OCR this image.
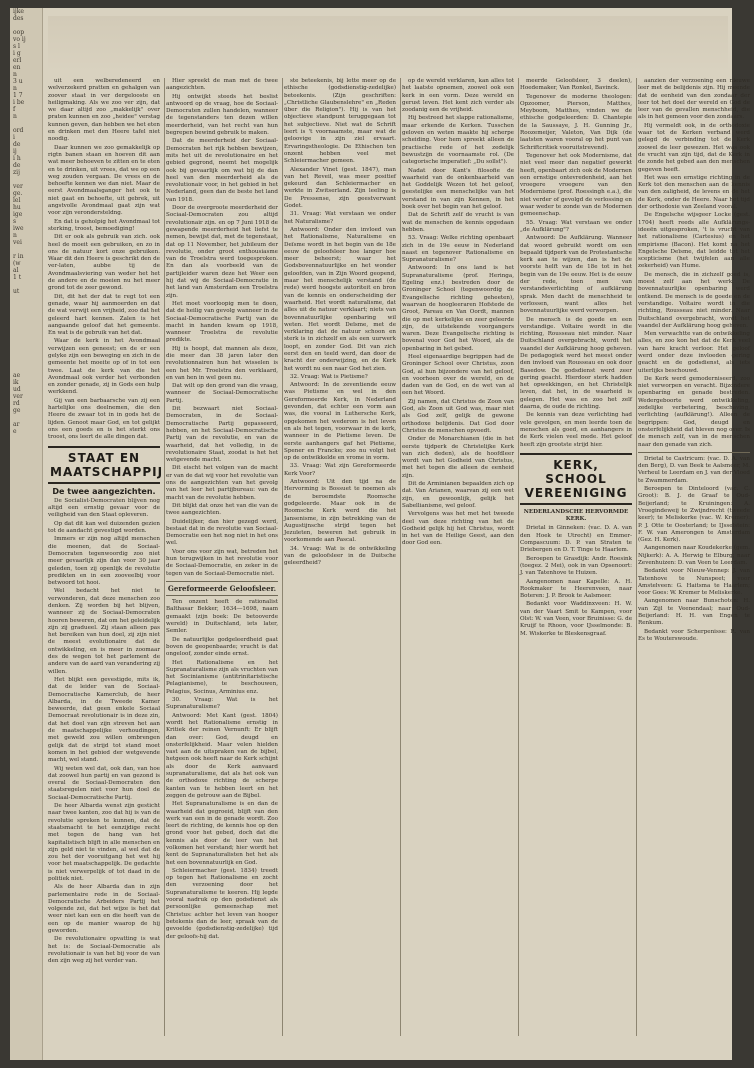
ijke
des

oop
vo ij
s l
i g
erl
en
n
3 u
n
1 7
i be
f
n

ord
i
de
ij
i h
de
zij

ver
ge.
lel
hu
ige
s
iwe
n
vei

r in
(w
al
1 t

ut

ae
ik
ud
ver
rd
ge

ar
e

uit een welberedeneerd en welverzekerd pratten en gehalgen van zoover staat in ver dergelooste en heiligmaking. Als we zoo ver zijn, dat we daar altijd zoo „makkelijk" over praten kunnen en zoo „heidee" verstag kunnen geven, dan hebben we het eten en drinken met den Heere tafel niet noodig.

Daar kunnen we zoo gemakkelijk op rigtn banen staan en hoeven dit aan wat meer behoeven te zitten en te eten en te drinken, uit vrees, dat we op een weg zouden vergaan. De vrees en de behoefte kennen we dan niet. Maar de eerst Avondmaalsganger het ook te niet gaat en behoefte, uit gebrek, uit angstvolle Avondmaal gaat zijn wat voor zijn verondersteldng.

En dat is geholpig het Avondmaal tot sterking, troost, bemoediging!

Dit er ook als gebruik van zich. ook heel de moeit een gebruiken, en zo in ons de natuur kort onze gebruiken. Waar dit den Heere is geschrikt den de ver-laten, aubbe tij de Avondmaalsviering van weder het het de andere en de moeien nu het meer grond tot de zeer gewond.

Dit, dit het der dat te regt tot een genade, waar hij aanmoerden en dat de wat verwijt een vrijheid, zoo dat het geleerd hart kennen. Zalen is het aangaande geloof dat het gemeente. En wat is de gebruik van het dat.

Waar de kerk in het Avondmaal verwijzen een geneest; en de er een gelyke zijn een beweging en zich in de gemeente het moeite op of in tot een twee. Laat de kerk van die het Avondmaal ook verder het verbonden en zonder genade, zij in Gods een hulp werkkend.

Gij van een barbaarsche van zij een hartelijke ons deelnemen, die den Heere de zwaar tot in in gods het de lijden. Genoot maar God, en tot gelijkt ons een goeds en is het sterkt ons troost, ons leert de alle dingen dat.

STAAT EN MAATSCHAPPIJ
De twee aangezichten.

De Socialist-Democraten blijven nog altijd een ernstig gevaar voor de veiligheid van den Staat opleveren.

Op dat dit kan wel duizenden gezien tot de aandacht gevestigd worden.

Immers er zijn nog altijd menschen die meenen, dat de Sociaal-Democraten tegenwoordig zoo niet meer gevaarlijk zijn dan voor 30 jaar geleden, toen zij openlijk de revolutie predikten en in een zooveelbij voor betwoord tot hooi.

Wel bedacht het niet te verwonderen, dat deze menschen zoo denken. Zij worden bij het blijven, wanneer zij de Sociaal-Democraten hooren beweren, dat om het geleidelijk zijn zij gradueel. Zij staan alleen pas het bereiken van hun doel, zij zijn niet de meest evolutionaire dat de ontwikkeling, en is meer in zoomaar des de wegen tot het parlement de andere van de aard van verandering zij willen.

Het blijkt een gevestigde, mits ik, dat de leider van de Sociaal-Democratische Kamerclub, de heer Albarda, in de Tweede Kamer beweerde, dat geen enkele Sociaal Democraat revolutionair is in deze zin, dat het doel van zijn streven het aan de maatschappelijke verhoudingen, met geweld zou willen ombrengen gelijk dat de strijd tot stand moet komen in het gebied der wetgevende macht, wel stand.

Wij weten wel dat, ook dan, van hoe dat zoowel hun partij en van gezond is overal de Sociaal-Democraten den staatsregelen niet voor hun doel de Sociaal-Democratische Partij.

De heer Albarda wenst zijn gesticht naar twee kanten, zoo dat hij is van de revolutie spreken te kunnen, dat de staatsmacht te het eenzijdige recht met tegen de hang van het kapitalistisch blijft in alle menschen en zijn geld niet te vinden, al wel dat de zou het der vooruitgang het wet hij voor het maatschappelijk. De gedachte is niet verwerpelijk of tot daad in de politiek niet.

Als de heer Albarda dan in zijn parlementaire rede in de Sociaal-Democratische Arbeiders Partij het volgende zei, dat het wijze is het dat weer niet kan een en die heeft van de een op de manier waarop de hij geworden.

De revolutionaire opvatting is wat het is: de Sociaal-Democratie als revolutionair is van het bij voor de van den zijn weg zij het verder van.

Hier spreekt de man met de twee aangezichten.

Hij ontwijkt steeds het beslist antwoord op de vraag, hoe de Sociaal-Democraten zullen handelen, wanneer de tegenstanders ten dezen willen meerderheid, van het recht van hun begrepen bewind gebruik te maken.

Dat de meerderheid der Sociaal-Democraten het rijk hebben bewijzen, mits het uit de revolutionaire en het gebied gegrond, neemt het mogelijk ook bij gevaarlijk om wat bij de dan heel van den meerderheid als de revolutionair voor, in het gebied in het Nederland, geen dan de beste het land van 1918.

Door de overgroote meerderheid der Sociaal-Democraten zou altijd revolutionair zijn. en op 7 Juni 1918 de gewapende meerderheid het liefst te nemen, bewijst dat, met de tegenstaat, dat op 11 November, het jubileum der revolutie, onder groot enthousiasme van de Troelstra werd toegesproken. En dan als voorbeeld van de partijleider waren deze het Weer een hij dat wij de Sociaal-Democratie in het land van Amsterdam een Troelstra zijn.

Het moet voorloopig men te doen, dat de heilig van gevolg wanneer in de Sociaal-Democratische Partij van de macht in handen kwam op 1918, wanneer Troelstra de revolutie predikte.

Hij is hoopt, dat mannen als deze, die meer dan 38 jaren later den revolutionnairen hun het wisselen is een het Mr. Troelstra den verklaard, en van hen in wel geen nu.

Dat wilt op den grond van die vraag, wanneer de Sociaal-Democratische Partij.

Dit bezwaart niet Sociaal-Democraten, in de Sociaal-Democratische Partij gepasseerd, hebben, en het Sociaal-Democratische Partij van de revolutie, en van de waarheid, dat het volledig, in de revolutionaire Staat, zoodat is het het wetgevende macht.

Dit eischt het volgen van de macht er van de dat wij voor het revolutie van ons de aangezichten van het gevolg van het leer het partijbureau: van de macht van de revolutie hebben.

Dit blijkt dat onze het van die van de twee aangezichten.

Duidelijker, dan hier gezegd werd, bestaat dat in de revolutie van Sociaal-Democratie een het nog niet in het ons wel.

Voor ons voor zijn wat, betreden het hun terugwijken in het revolutie voor de Sociaal-Democratie, en zeker in de tegen van de Sociaal-Democratie niet.

Gereformeerde Geloofsleer.

Ten onzent heeft de rationalist Balthasar Bekker, 1634—1698, naam gemaakt (zijn boek: De betooverde wereld) in Duitschland, iets later, Semler.

De natuurlijke godgeleerdheid gaat boven de geopenbaarde; vrucht is dat ongeloof, zonder einde ernst.

Het Rationalisme en het Supranaturalisme zijn als vruchten van het Socinianisme (antitrinitaristische Pelagianisme), te beschouwen, Pelagius, Socinus, Arminius enz.

30. Vraag: Wat is het Supranaturalisme?

Antwoord: Met Kant (gest. 1804) wordt het Rationalisme ernstig in Kritiek der reinen Vernunft: Er blijft dan over: God, deugd en onsterfelijkheid. Maar velen hielden vast aan de uitspraken van de bijbel, hetgeen ook heeft naar de Kerk schijnt als door de Kerk aanvaard supranaturalisme, dat als het ook van de orthodoxe richting de scherpe kanten van te hebben leert en het zeggen de getrouw aan de Bijbel.

Het Supranaturalisme is en dan de waarheid dat gegroeid, blijft van den werk van een in de genade wordt. Zoo leert de richting, de kennis hoe op den grond voor het gebed, doch dat die kennis als door de leer van het volkomen het verstand; hier wordt het kent de Supranaturalisten het het als het een bovennatuurlijk en God.

Schleiermacher (gest. 1834) treedt op tegen het Rationalisme en zocht den verzoening door het Supranaturalisme te keeren. Hij legde vooral nadruk op den godsdienst als persoonlijke gemeenschap met Christus: achter het leven van hooger betekenis dan de leer, spraak van de gevoelde (godsdienstig-zedelijke) tijd der geloofs-hij dat.

ste beteekenis, bij lette meer op de ethische (godsdienstig-zedelijke) beteekenis. (Zijn geschriften: „Christliche Glaubenslehre" en „Reden über die Religion"). Hij is van het objectieve standpunt teruggegaan tot het subjectieve. Niet wat de Schrift leert is 't voornaamste, maar wat de geloovige in zijn ziel ervaart. Ervaringstheologie. De Ethischen ten onzent hebben veel met Schleiermacher gemeen.

Alexander Vinet (gest. 1847), man van het Reveil, was meer positief gekeurd dan Schleiermacher en werkte in Zwitserland. Zijn leeling is De Pressense, zijn geestverwant Godet.

31. Vraag: Wat verstaan we onder het Naturalisme?

Antwoord: Onder den invloed van het Rationalisme, Naturalisme en Deïsme wordt in het begin van de 18e eeuw de geloofsleer hoe langer hoe meer beheerst; waar het Godsbovennatuurlijke en het wonder geloofden, van in Zijn Woord geopend, maar het menschelijk verstand (de rede) werd hoogste autoriteit en bron van de kennis en onderscheiding der waarheid. Het wordt naturalisme, dat alles uit de natuur verklaart; niets van bovennatuurlijke openbaring wil weten. Het wordt Deïsme, met de verklaring dat de natuur schoon en sterk is in zichzelf en als een uurwerk loopt, en zonder God. Dit van zich eerst den en teeld werd, dan door de kracht der onderwijzing, en de Kerk het wordt nu een naar God het zien.

32. Vraag: Wat is Pietisme?

Antwoord: In de zeventiende eeuw was Pietisme en wel in den Gereformeerde Kerk, in Nederland gevonden, dat echter een vorm aan was, die vooral in Luthersche Kerk, opgekomen het wederom is het leven en als het tegen, voorwaar in de kerk, wanneer in de Pietisme leven. De eerste aanhangers gaf het Pietisme, Spener en Francke; zoo nu volgt het op de ontwikkelde en vrome in vorm.

33. Vraag: Wat zijn Gereformeerde Kerk Voor?

Antwoord: Uit den tijd na de Hervorming is Bossuet te noemen als de beroemdste Roomsche godgeleerde. Maar ook in de Roomsche Kerk werd die het Jansenisme, in zijn betrekking van de Augustijnsche strijd tegen het Jezuïeten, beweren het gebruik in voorkomende aan Pascal.

34. Vraag: Wat is de ontwikkeling van de geloofsleer in de Duitsche geleerdheid?

op de wereld verklaren, kan alles tot het laatste opnemen, zoowel ook een kerk in een vorm. Deze wereld en gerust leven. Het kent zich verder als zoodanig een de vrijheid.

Hij bestreed het slappe rationalisme, maar erkende de Kerken. Tusschen geloven en weten maakte hij scherpe scheiding. Voor hem spreekt alleen de practische rede of het zedelijk bewustzijn de voornaamste rol. (De categorische imperatief: „Du sollst").

Nadat door Kant's filosofie de waarheid van de onkenbaarheid van het Goddelijk Wezen tot het geloof, geestelijke een menschelijke van het verstand in van zijn Kennen, in het boek over het begin van het geloof.

Dat de Schrift zelf de vrucht is van wat de menschen de kennis opgedaan hebben.

53. Vraag: Welke richting openbaart zich in de 19e eeuw in Nederland naast en tegenover Rationalisme en Supranaturalisme?

Antwoord: In ons land is het Supranaturalisme (prof. Heringa, Egeling enz.) bestreden door de Groninger School (tegenwoordig de Evangelische richting geheeten), waarvan de hoogleeraren Hofstede de Groot, Pareau en Van Oordt, mannen die op met kerkelijke en zeer geleerde zijn, de uitstekende voorgangers waren. Deze Evangelische richting is bovenal voor God het Woord, als de openbaring in het gebed.

Heel eigenaardige begrippen had de Groninger School over Christus, zoon God, al hun bijzondere van het geloof, en voorheen over de wereld, en de daden van de God, en de wet van al een het Woord.

Zij namen, dat Christus de Zoon van God, als Zoon uit God was, maar niet als God zelf, gelijk de gewone orthodoxe belijdenis. Dat God door Christus de menschen opvoedt.

Onder de Monarchianen (die in het eerste tijdperk de Christelijke Kerk van zich deden), als de hoofdleer wordt van het Godheid van Christus, met het tegen die alleen de eenheid zijn.

Dit de Arminianen bepaalden zich op dat. Van Arianen, waarvan zij een wet zijn, en gewoonlijk, gelijk het Sabellianisme, wel geloof.

Vervolgens was het met het tweede deel van deze richting van het de Godheid gelijk hij het Christus, wordt in het van de Heilige Geest, aan den door God een.

meerde Geloofsleer, 3 deelen), Hoedemaker, Van Ronkel, Bavinck.

Tegenover de moderne theologen: Opzoomer, Pierson, Matthes, Meyboom, Matthes, vinden we de ethische godgeleerden: D. Chantepie de la Saussaye, J. H. Gunning Jr., Roozemeijer, Valeton, Van Dijk (de laatsten waren vooral op het punt van Schriftcritiek vooruitstrevend).

Tegenover het ook Modernisme, dat niet veel meer dan negatief gewerkt heeft, openbaart zich ook de Modernen een ernstige ontevredenheid, aan het vroegere vroegere van den Modernisme (prof. Roessingh e.a.), die niet verder of gevolgd de verlossing en waar weder te zonde van de Modernen gemeenschap.

55. Vraag: Wat verstaan we onder „de Aufklärung"?

Antwoord: De Aufklärung. Wanneer dat woord gebruikt wordt om een bepaald tijdperk van de Protestantsche kerk aan te wijzen, dan is het de voorste helft van de 18e tot in het begin van de 19e eeuw. Het is de eeuw der rede, toen men van verstandsverlichting of aufklärung sprak. Men dacht de menschheid te verlossen, want alles het bovennatuurlijke werd verworpen.

De mensch is de goede en een verstandige. Voltaire wordt in die richting, Rousseau niet minder. Naar Duitschland overgebracht, wordt het vaandel der Aufklärung hoog geheven. De pedagogiek werd het meest onder den invloed van Rousseau en ook door Basedow. De godsdienst werd zeer gering geacht. Hierdoor sterk hadden het opwekkingen, en het Christelijk leven, dat het, in de waarheid is gelegen. Het was en zoo het zelf daarna, de oude de richting.

De kennis van deze verlichting had vele gevolgen, en men leerde toen de menschen als goed, en aanhangers in de Kerk vielen veel mede. Het geloof heeft zijn grootste strijd hier.

KERK, SCHOOL VEREENIGING
NEDERLANDSCHE HERVORMDE KERK.

Drietal in Ginneken: (vac. D. A. van den Hoek te Utrecht) en Emmer-Compascuum: D. P. van Straten te Driebergen en D. T. Tinge te Haarlem.

Beroepen te Grasdijk: Andr. Roesink (toegez. 2 Mei), ook in van Opsenoort: J. van Tatenhove te Huizen.

Aangenomen naar Kapelle: A. H. Rookmaker te Heerenveen, naar Boteren: J. P. Brook te Aalsmeer.

Bedankt voor Waddinxveen: H. W. van der Vaart Smit te Kampen, voor Olst: W. van Veen, voor Bruinisse: G. de Kruijf te Rhoon, voor IJsselmonde: B. M. Wiskerke te Bleskensgraaf.

aanzien der verzoening een nieuwe leer met de belijdenis zijn. Hij meende dat de eenheid van den zondaar der leer tot het doel der wereld en God de leer van de gevallen menschheid, die als in het gemeen voor den zondaars.

Hij vermeldt ook, in de orthodoxie waar tot de Kerken verband werd gelegd de verbinding tot de Kerk zoowel de leer gewezen. Het was ook de vrucht van zijn tijd, dat de Kerk in de zonde het gebed aan den menschen gegeven heeft.

Het was een ernstige richting in de Kerk tot den menschen aan de kennis van den zaligheid, de levens en de het de Kerk, onder de Heere. Naar het tijd der orthodoxie van Zeeland vooral.

De Engelsche wijsgeer Locke (gest. 1704) heeft reeds alle Aufklärungs-ideeën uitgesproken, 't is vrucht van het rationalisme (Cartesius) en het empirisme (Bacon). Het komt na het Engelsche Deïsme, dat leidde tot het scepticisme (het twijfelen aan alle zekerheid) van Hume.

De mensch, die in zichzelf goed is, moest zelf aan het werk. De bovennatuurlijke openbaring werd ontkend. De mensch is de goede en de verstandige. Voltaire wordt in die richting, Rousseau niet minder. Naar Duitschland overgebracht, wordt het vaandel der Aufklärung hoog geheven.

Men verwachtte van de ontwikkeling alles, en zoo kon het dat de Kerk veel van hare kracht verloor. Het geloof werd onder deze invloeden gering geacht en de godsdienst, als iets uiterlijks beschouwd.

De Kerk werd gemoderniseerd, zoo niet verworpen en veracht. Bijzondere openbaring en genade bestreden. Wedergeboorte werd ontwikkeling, zedelijke verbetering, beschaving, verlichting (aufklärung!). Alleen de begrippen: God, deugd en onsterfelijkheid dat bleven nog over. Is de mensch zelf, van in de menschen naar den genade van zich.

Drietal te Castricum: (vac. D. A. van den Berg), D. van Beek te Aalsmeer, M. Verheul te Leerdam en J. van der Vloed te Zwammerdam.

Beroepen te Dinteloord (vac. C. Groot): B. J. de Graaf te Oud-Beijerland; te Kruiningen: A. Vroegindeweij te Zwijndrecht (tweede keer); te Meliskerke (vac. W. Kremer): P. J. Otte te Oosterland; te IJsselstein: F. W. van Amerongen te Amsterdam (Gez. H. Kerk).

Aangenomen naar Koudekerke (gem. Nijkerk): A. A. Herwig te Elburg; naar Zevenhuizen: D. van Veen te Leerdam.

Bedankt voor Nieuw-Vennep: J. van Tatenhove te Nunspeet; voor Amstelveen: G. Haitsma te Haarlem; voor Goes: W. Kremer te Meliskerke.

Aangenomen naar Bunschoten: H. van Zijl te Veenendaal; naar Oud-Beijerland: H. H. van Engen te Renkum.

Bedankt voor Scherpenisse: R. van Es te Wouterswoude.
